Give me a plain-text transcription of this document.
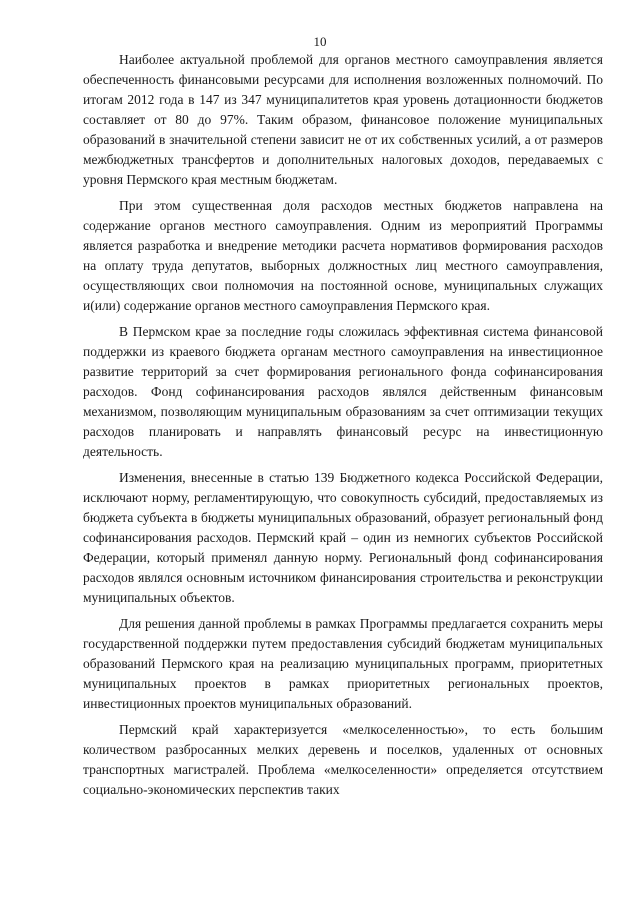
10

Наиболее актуальной проблемой для органов местного самоуправления является обеспеченность финансовыми ресурсами для исполнения возложенных полномочий. По итогам 2012 года в 147 из 347 муниципалитетов края уровень дотационности бюджетов составляет от 80 до 97%. Таким образом, финансовое положение муниципальных образований в значительной степени зависит не от их собственных усилий, а от размеров межбюджетных трансфертов и дополнительных налоговых доходов, передаваемых с уровня Пермского края местным бюджетам.

При этом существенная доля расходов местных бюджетов направлена на содержание органов местного самоуправления. Одним из мероприятий Программы является разработка и внедрение методики расчета нормативов формирования расходов на оплату труда депутатов, выборных должностных лиц местного самоуправления, осуществляющих свои полномочия на постоянной основе, муниципальных служащих и(или) содержание органов местного самоуправления Пермского края.

В Пермском крае за последние годы сложилась эффективная система финансовой поддержки из краевого бюджета органам местного самоуправления на инвестиционное развитие территорий за счет формирования регионального фонда софинансирования расходов. Фонд софинансирования расходов являлся действенным финансовым механизмом, позволяющим муниципальным образованиям за счет оптимизации текущих расходов планировать и направлять финансовый ресурс на инвестиционную деятельность.

Изменения, внесенные в статью 139 Бюджетного кодекса Российской Федерации, исключают норму, регламентирующую, что совокупность субсидий, предоставляемых из бюджета субъекта в бюджеты муниципальных образований, образует региональный фонд софинансирования расходов. Пермский край – один из немногих субъектов Российской Федерации, который применял данную норму. Региональный фонд софинансирования расходов являлся основным источником финансирования строительства и реконструкции муниципальных объектов.

Для решения данной проблемы в рамках Программы предлагается сохранить меры государственной поддержки путем предоставления субсидий бюджетам муниципальных образований Пермского края на реализацию муниципальных программ, приоритетных муниципальных проектов в рамках приоритетных региональных проектов, инвестиционных проектов муниципальных образований.

Пермский край характеризуется «мелкоселенностью», то есть большим количеством разбросанных мелких деревень и поселков, удаленных от основных транспортных магистралей. Проблема «мелкоселенности» определяется отсутствием социально-экономических перспектив таких
